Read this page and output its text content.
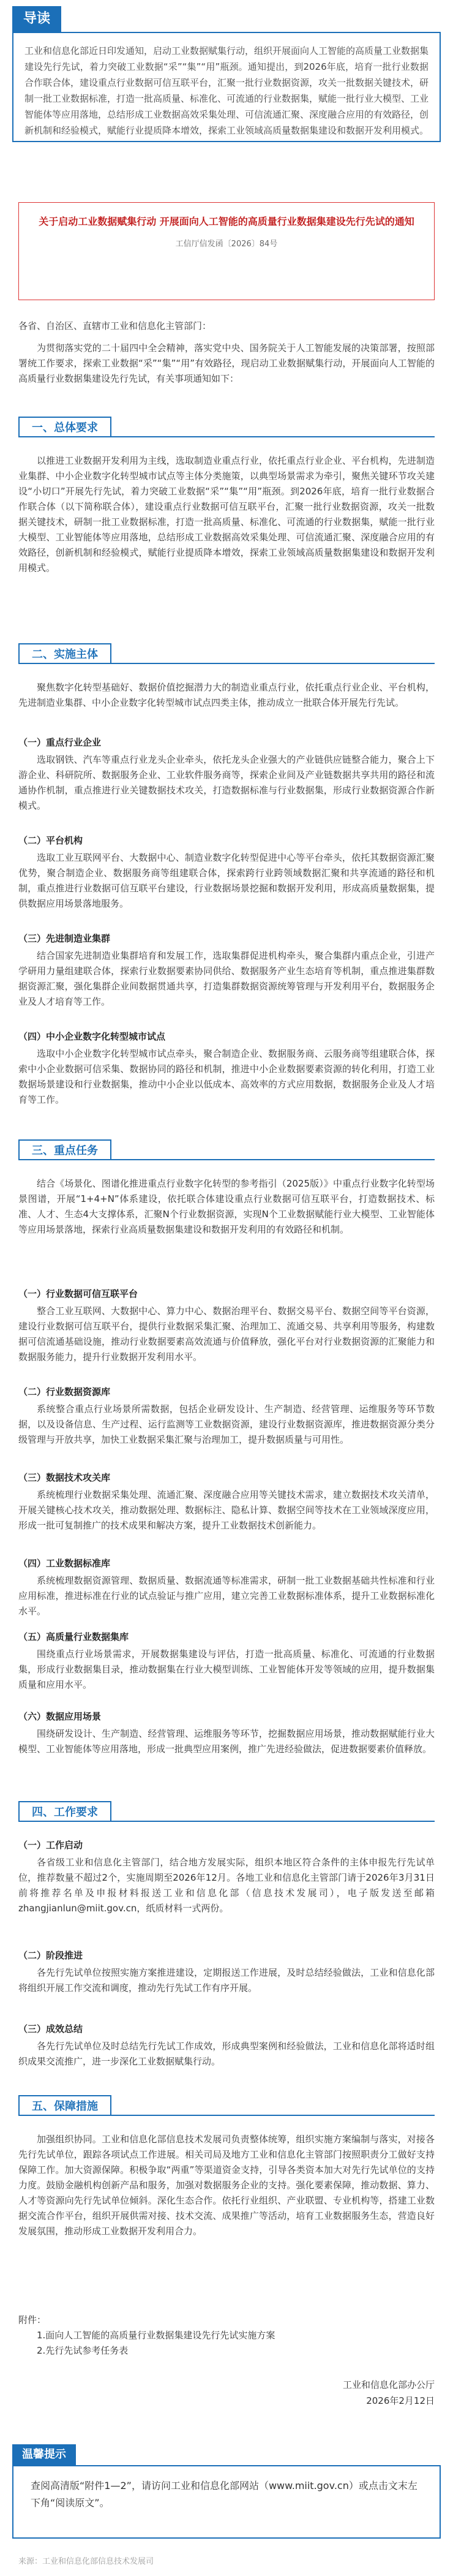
导读
工业和信息化部近日印发通知，启动工业数据赋集行动，组织开展面向人工智能的高质量工业数据集建设先行先试，着力突破工业数据“采”“集”“用”瓶颈。通知提出，到2026年底，培育一批行业数据合作联合体，建设重点行业数据可信互联平台，汇聚一批行业数据资源，攻关一批数据关键技术，研制一批工业数据标准，打造一批高质量、标准化、可流通的行业数据集，赋能一批行业大模型、工业智能体等应用落地，总结形成工业数据高效采集处理、可信流通汇聚、深度融合应用的有效路径，创新机制和经验模式，赋能行业提质降本增效，探索工业领域高质量数据集建设和数据开发利用模式。
关于启动工业数据赋集行动 开展面向人工智能的高质量行业数据集建设先行先试的通知
工信厅信发函〔2026〕84号
各省、自治区、直辖市工业和信息化主管部门：
为贯彻落实党的二十届四中全会精神，落实党中央、国务院关于人工智能发展的决策部署，按照部署统工作要求，探索工业数据“采”“集”“用”有效路径，现启动工业数据赋集行动，开展面向人工智能的高质量行业数据集建设先行先试，有关事项通知如下：
一、总体要求
以推进工业数据开发利用为主线，选取制造业重点行业，依托重点行业企业、平台机构，先进制造业集群、中小企业数字化转型城市试点等主体分类施策，以典型场景需求为牵引，聚焦关键环节攻关建设“小切口”开展先行先试，着力突破工业数据“采”“集”“用”瓶颈。到2026年底，培育一批行业数据合作联合体（以下简称联合体），建设重点行业数据可信互联平台，汇聚一批行业数据资源，攻关一批数据关键技术，研制一批工业数据标准，打造一批高质量、标准化、可流通的行业数据集，赋能一批行业大模型、工业智能体等应用落地，总结形成工业数据高效采集处理、可信流通汇聚、深度融合应用的有效路径，创新机制和经验模式，赋能行业提质降本增效，探索工业领域高质量数据集建设和数据开发利用模式。
二、实施主体
聚焦数字化转型基础好、数据价值挖掘潜力大的制造业重点行业，依托重点行业企业、平台机构，先进制造业集群、中小企业数字化转型城市试点四类主体，推动成立一批联合体开展先行先试。
（一）重点行业企业
选取钢铁、汽车等重点行业龙头企业牵头，依托龙头企业强大的产业链供应链整合能力，聚合上下游企业、科研院所、数据服务企业、工业软件服务商等，探索企业间及产业链数据共享共用的路径和流通协作机制，重点推进行业关键数据技术攻关，打造数据标准与行业数据集，形成行业数据资源合作新模式。
（二）平台机构
选取工业互联网平台、大数据中心、制造业数字化转型促进中心等平台牵头，依托其数据资源汇聚优势，聚合制造企业、数据服务商等组建联合体，探索跨行业跨领域数据汇聚和共享流通的路径和机制，重点推进行业数据可信互联平台建设，行业数据场景挖掘和数据开发利用，形成高质量数据集，提供数据应用场景落地服务。
（三）先进制造业集群
结合国家先进制造业集群培育和发展工作，选取集群促进机构牵头，聚合集群内重点企业，引进产学研用力量组建联合体，探索行业数据要素协同供给、数据服务产业生态培育等机制，重点推进集群数据资源汇聚，强化集群企业间数据贯通共享，打造集群数据资源统筹管理与开发利用平台，数据服务企业及人才培育等工作。
（四）中小企业数字化转型城市试点
选取中小企业数字化转型城市试点牵头，聚合制造企业、数据服务商、云服务商等组建联合体，探索中小企业数据可信采集、数据协同的路径和机制，推进中小企业数据要素资源的转化利用，打造工业数据场景建设和行业数据集，推动中小企业以低成本、高效率的方式应用数据，数据服务企业及人才培育等工作。
三、重点任务
结合《场景化、图谱化推进重点行业数字化转型的参考指引（2025版）》中重点行业数字化转型场景图谱，开展“1+4+N”体系建设，依托联合体建设重点行业数据可信互联平台，打造数据技术、标准、人才、生态4大支撑体系，汇聚N个行业数据资源，实现N个工业数据赋能行业大模型、工业智能体等应用场景落地，探索行业高质量数据集建设和数据开发利用的有效路径和机制。
（一）行业数据可信互联平台
整合工业互联网、大数据中心、算力中心、数据治理平台、数据交易平台、数据空间等平台资源，建设行业数据可信互联平台，提供行业数据采集汇聚、治理加工、流通交易、共享利用等服务，构建数据可信流通基础设施，推动行业数据要素高效流通与价值释放，强化平台对行业数据资源的汇聚能力和数据服务能力，提升行业数据开发利用水平。
（二）行业数据资源库
系统整合重点行业场景所需数据，包括企业研发设计、生产制造、经营管理、运维服务等环节数据，以及设备信息、生产过程、运行监测等工业数据资源，建设行业数据资源库，推进数据资源分类分级管理与开放共享，加快工业数据采集汇聚与治理加工，提升数据质量与可用性。
（三）数据技术攻关库
系统梳理行业数据采集处理、流通汇聚、深度融合应用等关键技术需求，建立数据技术攻关清单，开展关键核心技术攻关，推动数据处理、数据标注、隐私计算、数据空间等技术在工业领域深度应用，形成一批可复制推广的技术成果和解决方案，提升工业数据技术创新能力。
（四）工业数据标准库
系统梳理数据资源管理、数据质量、数据流通等标准需求，研制一批工业数据基础共性标准和行业应用标准，推进标准在行业的试点验证与推广应用，建立完善工业数据标准体系，提升工业数据标准化水平。
（五）高质量行业数据集库
围绕重点行业场景需求，开展数据集建设与评估，打造一批高质量、标准化、可流通的行业数据集，形成行业数据集目录，推动数据集在行业大模型训练、工业智能体开发等领域的应用，提升数据集质量和应用水平。
（六）数据应用场景
围绕研发设计、生产制造、经营管理、运维服务等环节，挖掘数据应用场景，推动数据赋能行业大模型、工业智能体等应用落地，形成一批典型应用案例，推广先进经验做法，促进数据要素价值释放。
四、工作要求
（一）工作启动
各省级工业和信息化主管部门，结合地方发展实际，组织本地区符合条件的主体申报先行先试单位，推荐数量不超过2个，实施周期至2026年12月。各地工业和信息化主管部门请于2026年3月31日前将推荐名单及申报材料报送工业和信息化部（信息技术发展司），电子版发送至邮箱zhangjianlun@miit.gov.cn，纸质材料一式两份。
（二）阶段推进
各先行先试单位按照实施方案推进建设，定期报送工作进展，及时总结经验做法，工业和信息化部将组织开展工作交流和调度，推动先行先试工作有序开展。
（三）成效总结
各先行先试单位及时总结先行先试工作成效，形成典型案例和经验做法，工业和信息化部将适时组织成果交流推广，进一步深化工业数据赋集行动。
五、保障措施
加强组织协同。工业和信息化部信息技术发展司负责整体统筹，组织实施方案编制与落实，对接各先行先试单位，跟踪各项试点工作进展。相关司局及地方工业和信息化主管部门按照职责分工做好支持保障工作。加大资源保障。积极争取“两重”等渠道资金支持，引导各类资本加大对先行先试单位的支持力度。鼓励金融机构创新产品和服务，加强对数据服务企业的支持。强化要素保障，推动数据、算力、人才等资源向先行先试单位倾斜。深化生态合作。依托行业组织、产业联盟、专业机构等，搭建工业数据交流合作平台，组织开展供需对接、技术交流、成果推广等活动，培育工业数据服务生态，营造良好发展氛围，推动形成工业数据开发利用合力。
附件：
1.面向人工智能的高质量行业数据集建设先行先试实施方案
2.先行先试参考任务表
工业和信息化部办公厅
2026年2月12日
温馨提示
查阅高清版“附件1—2”，请访问工业和信息化部网站（www.miit.gov.cn）或点击文末左下角“阅读原文”。
来源：工业和信息化部信息技术发展司
